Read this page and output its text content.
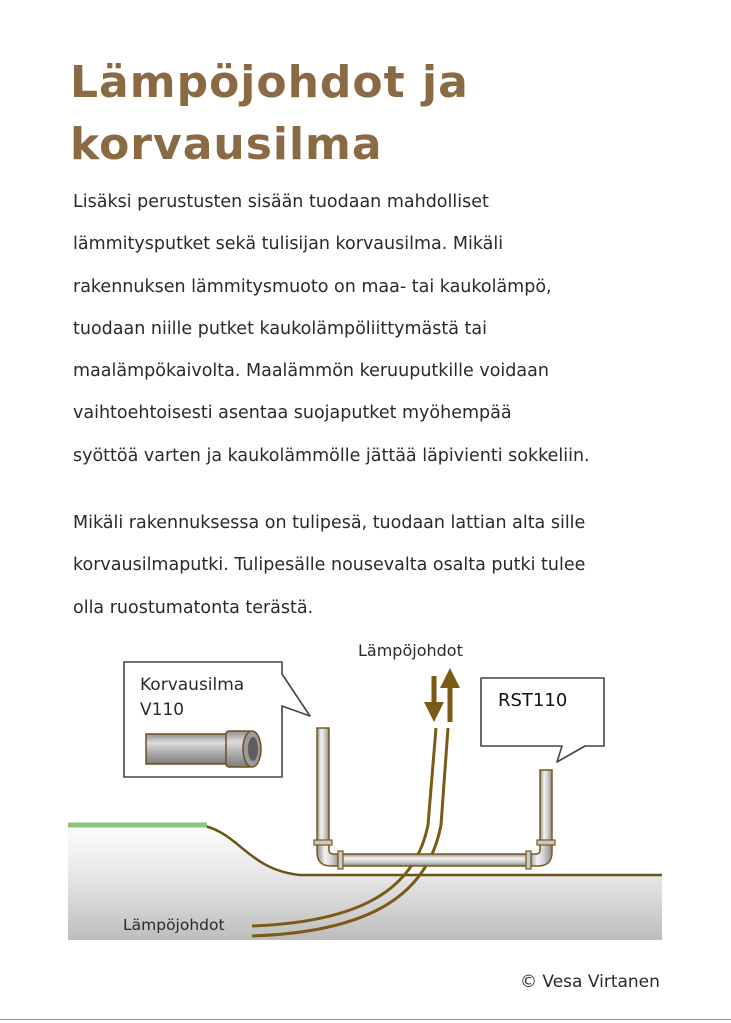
Lämpöjohdot ja
korvausilma
Lisäksi perustusten sisään tuodaan mahdolliset
lämmitysputket sekä tulisijan korvausilma. Mikäli
rakennuksen lämmitysmuoto on maa- tai kaukolämpö,
tuodaan niille putket kaukolämpöliittymästä tai
maalämpökaivolta. Maalämmön keruuputkille voidaan
vaihtoehtoisesti asentaa suojaputket myöhempää
syöttöä varten ja kaukolämmölle jättää läpivienti sokkeliin.
Mikäli rakennuksessa on tulipesä, tuodaan lattian alta sille
korvausilmaputki. Tulipesälle nousevalta osalta putki tulee
olla ruostumatonta terästä.
Korvausilma
V110	RST110
Lämpöjohdot
Lämpöjohdot

© Vesa Virtanen
